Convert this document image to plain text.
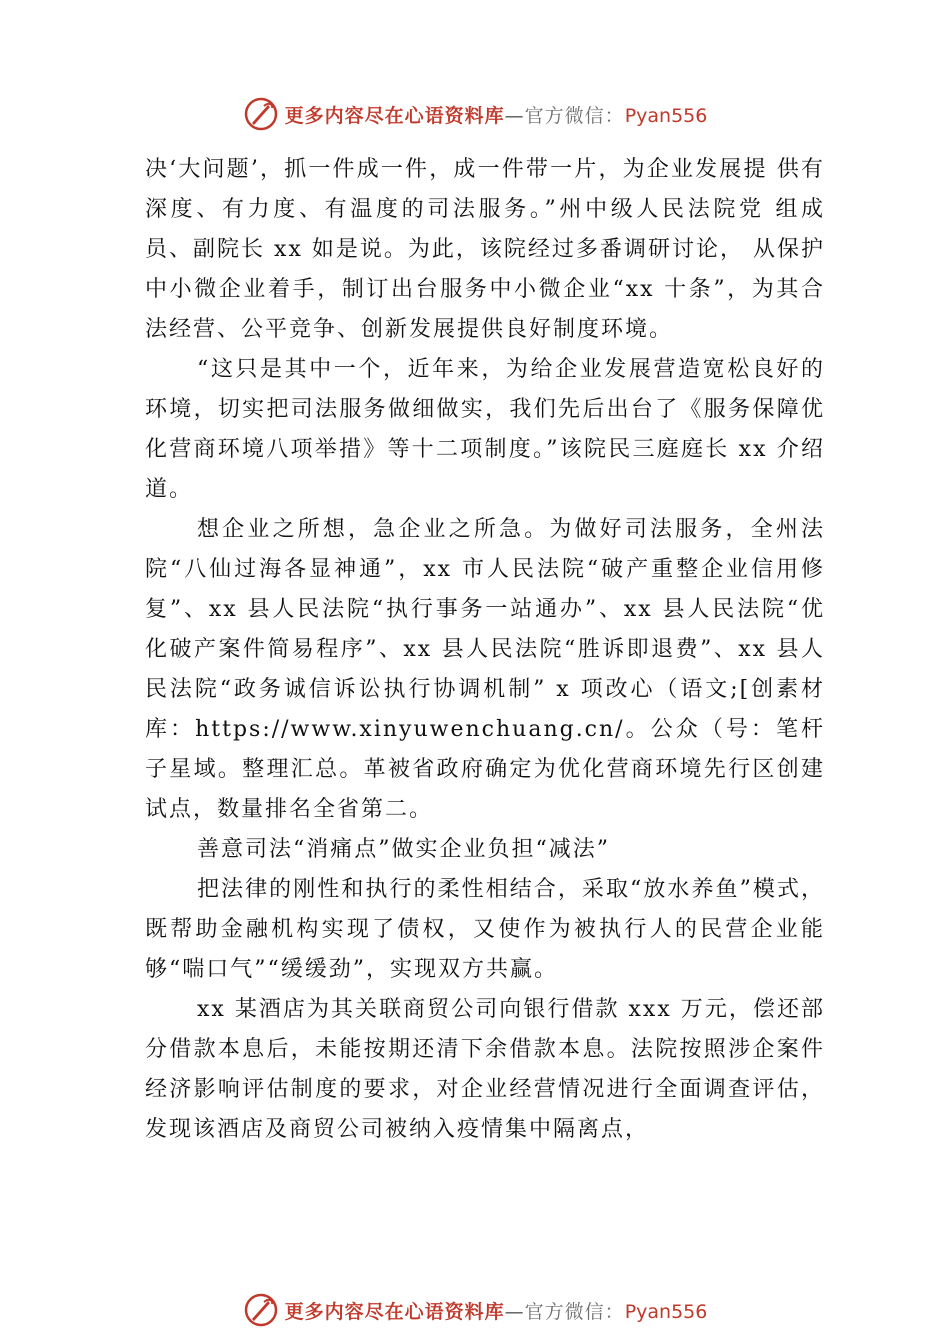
更多内容尽在心语资料库—官方微信：Pyan556

决‘大问题’，抓一件成一件，成一件带一片，为企业发展提 供有深度、有力度、有温度的司法服务。”州中级人民法院党 组成员、副院长 xx 如是说。为此，该院经过多番调研讨论， 从保护中小微企业着手，制订出台服务中小微企业“xx 十条”，为其合法经营、公平竞争、创新发展提供良好制度环境。

“这只是其中一个，近年来，为给企业发展营造宽松良好的环境，切实把司法服务做细做实，我们先后出台了《服务保障优化营商环境八项举措》等十二项制度。”该院民三庭庭长 xx 介绍道。

想企业之所想，急企业之所急。为做好司法服务，全州法院“八仙过海各显神通”，xx 市人民法院“破产重整企业信用修复”、xx 县人民法院“执行事务一站通办”、xx 县人民法院“优化破产案件简易程序”、xx 县人民法院“胜诉即退费”、xx 县人民法院“政务诚信诉讼执行协调机制” x 项改心（语文;[创素材库：https://www.xinyuwenchuang.cn/。公众（号：笔杆子星域。整理汇总。革被省政府确定为优化营商环境先行区创建试点，数量排名全省第二。

善意司法“消痛点”做实企业负担“减法”

把法律的刚性和执行的柔性相结合，采取“放水养鱼”模式，既帮助金融机构实现了债权，又使作为被执行人的民营企业能够“喘口气”“缓缓劲”，实现双方共赢。

xx 某酒店为其关联商贸公司向银行借款 xxx 万元，偿还部分借款本息后，未能按期还清下余借款本息。法院按照涉企案件经济影响评估制度的要求，对企业经营情况进行全面调查评估，发现该酒店及商贸公司被纳入疫情集中隔离点，

更多内容尽在心语资料库—官方微信：Pyan556
